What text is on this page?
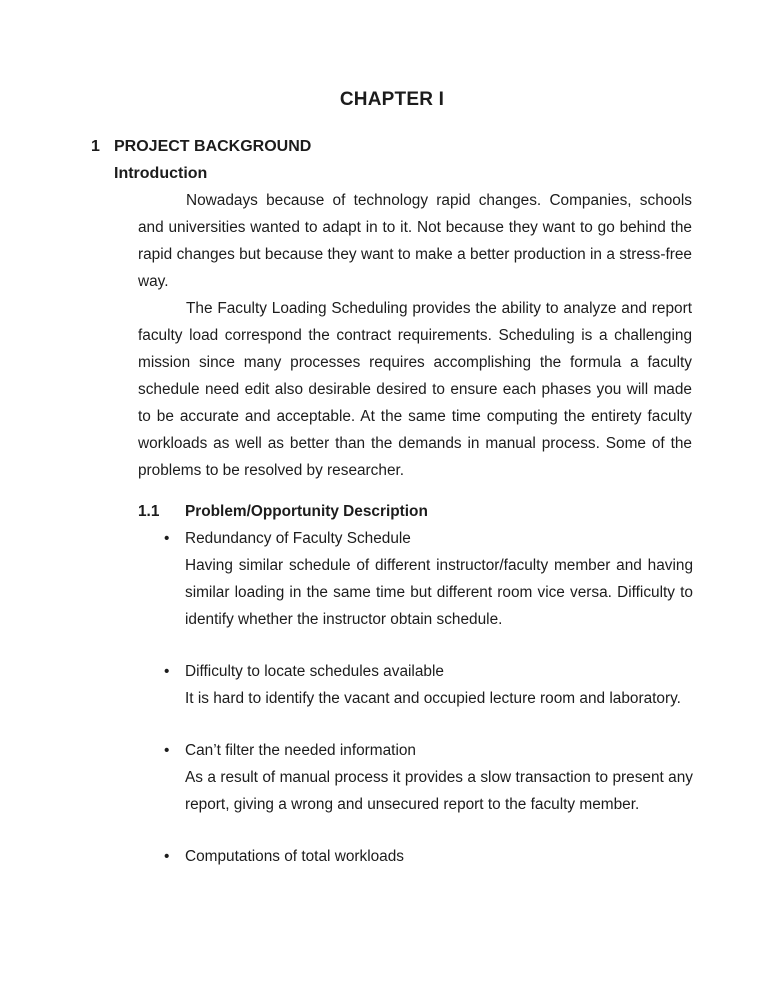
CHAPTER I
1 PROJECT BACKGROUND
Introduction

Nowadays because of technology rapid changes. Companies, schools and universities wanted to adapt in to it. Not because they want to go behind the rapid changes but because they want to make a better production in a stress-free way.

The Faculty Loading Scheduling provides the ability to analyze and report faculty load correspond the contract requirements. Scheduling is a challenging mission since many processes requires accomplishing the formula a faculty schedule need edit also desirable desired to ensure each phases you will made to be accurate and acceptable. At the same time computing the entirety faculty workloads as well as better than the demands in manual process. Some of the problems to be resolved by researcher.

1.1 Problem/Opportunity Description
•	Redundancy of Faculty Schedule
Having similar schedule of different instructor/faculty member and having similar loading in the same time but different room vice versa. Difficulty to identify whether the instructor obtain schedule.
•	Difficulty to locate schedules available
It is hard to identify the vacant and occupied lecture room and laboratory.
•	Can’t filter the needed information
As a result of manual process it provides a slow transaction to present any report, giving a wrong and unsecured report to the faculty member.
•	Computations of total workloads
